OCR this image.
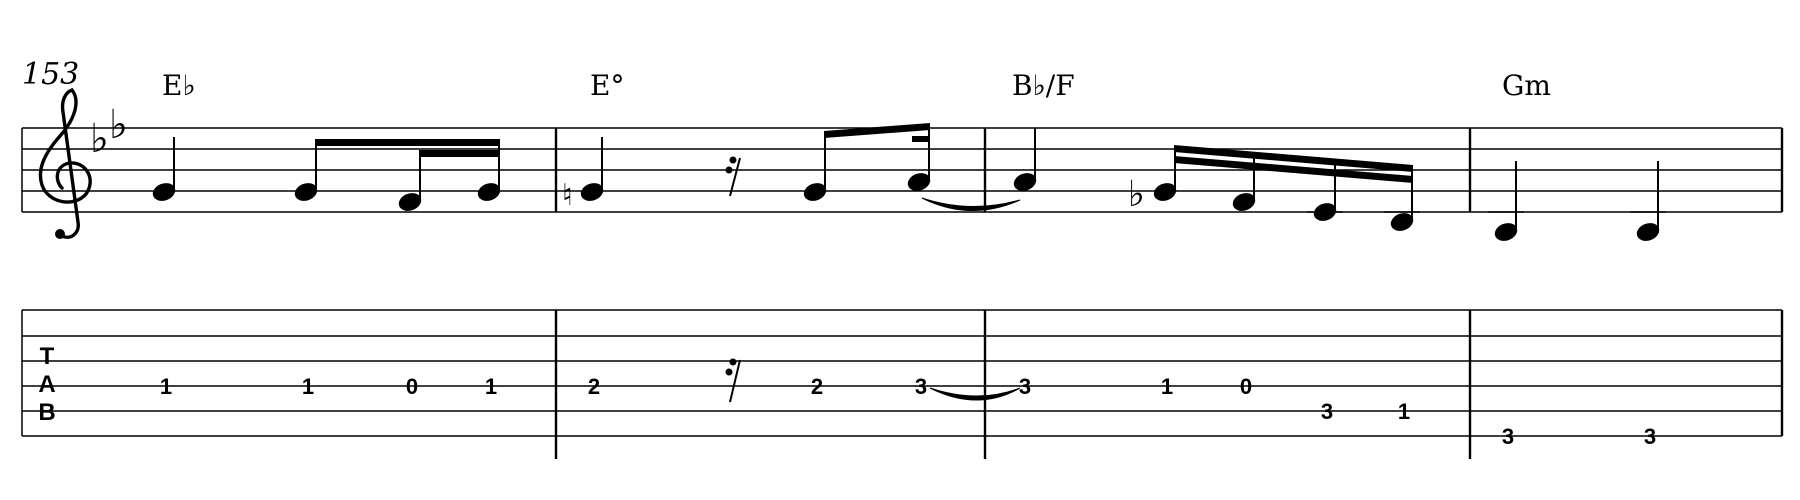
153	E♭	E°	B♭/F	Gm
♭ ♭
♮	♭
T
A
B
1	1	0	1	2	2	3	3	1	0
3	1
3	3
